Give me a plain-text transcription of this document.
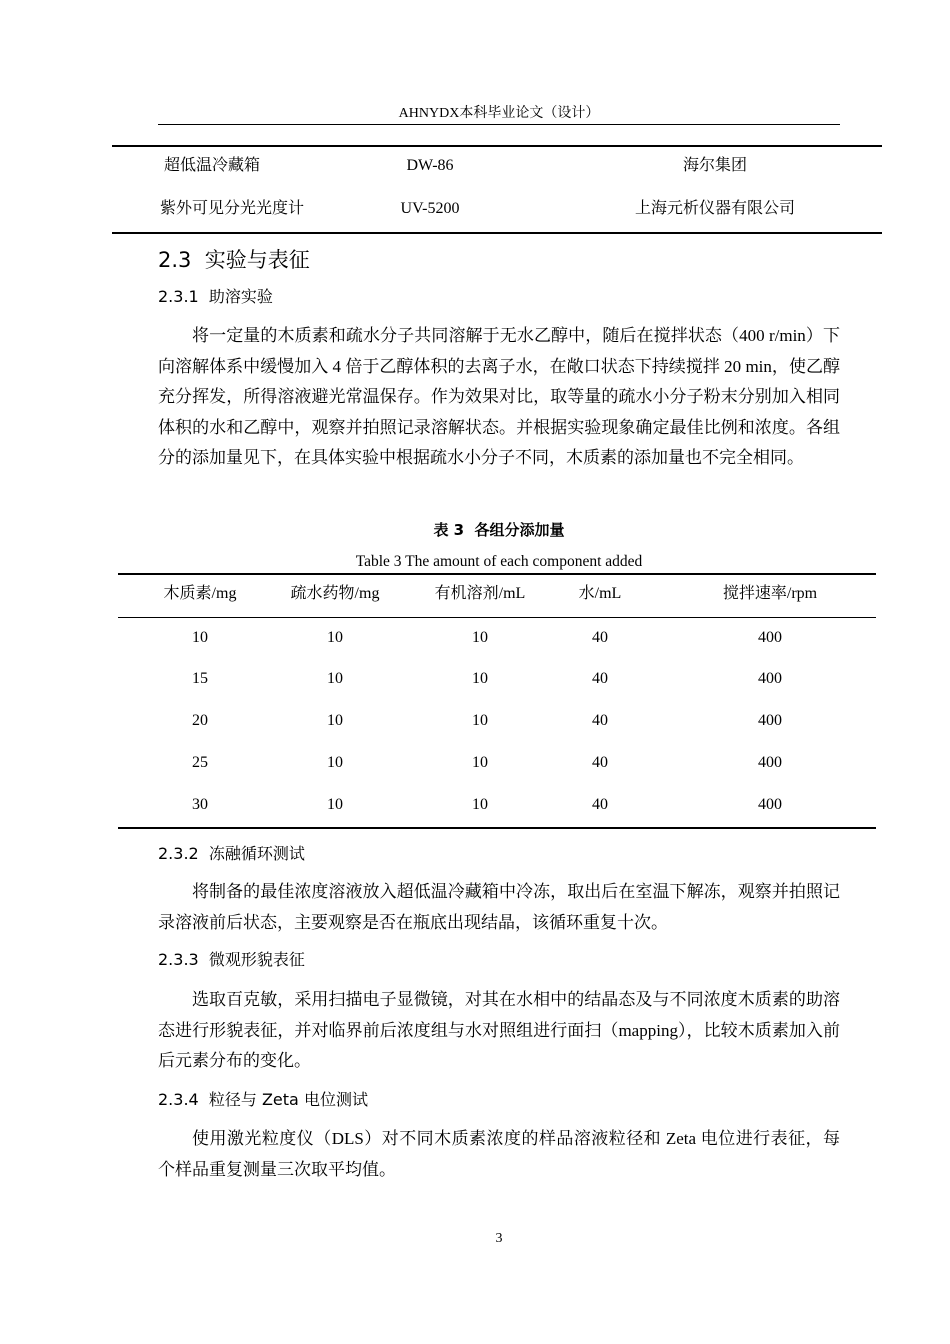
AHNYDX本科毕业论文（设计）
超低温冷藏箱	DW-86	海尔集团
紫外可见分光光度计	UV-5200	上海元析仪器有限公司
2.3  实验与表征
2.3.1  助溶实验
将一定量的木质素和疏水分子共同溶解于无水乙醇中，随后在搅拌状态（400 r/min）下向溶解体系中缓慢加入 4 倍于乙醇体积的去离子水，在敞口状态下持续搅拌 20 min，使乙醇充分挥发，所得溶液避光常温保存。作为效果对比，取等量的疏水小分子粉末分别加入相同体积的水和乙醇中，观察并拍照记录溶解状态。并根据实验现象确定最佳比例和浓度。各组分的添加量见下，在具体实验中根据疏水小分子不同，木质素的添加量也不完全相同。
表 3  各组分添加量
Table 3 The amount of each component added
木质素/mg	疏水药物/mg	有机溶剂/mL	水/mL	搅拌速率/rpm
10	10	10	40	400
15	10	10	40	400
20	10	10	40	400
25	10	10	40	400
30	10	10	40	400
2.3.2  冻融循环测试
将制备的最佳浓度溶液放入超低温冷藏箱中冷冻，取出后在室温下解冻，观察并拍照记录溶液前后状态，主要观察是否在瓶底出现结晶，该循环重复十次。
2.3.3  微观形貌表征
选取百克敏，采用扫描电子显微镜，对其在水相中的结晶态及与不同浓度木质素的助溶态进行形貌表征，并对临界前后浓度组与水对照组进行面扫（mapping），比较木质素加入前后元素分布的变化。
2.3.4  粒径与 Zeta 电位测试
使用激光粒度仪（DLS）对不同木质素浓度的样品溶液粒径和 Zeta 电位进行表征，每个样品重复测量三次取平均值。
3
